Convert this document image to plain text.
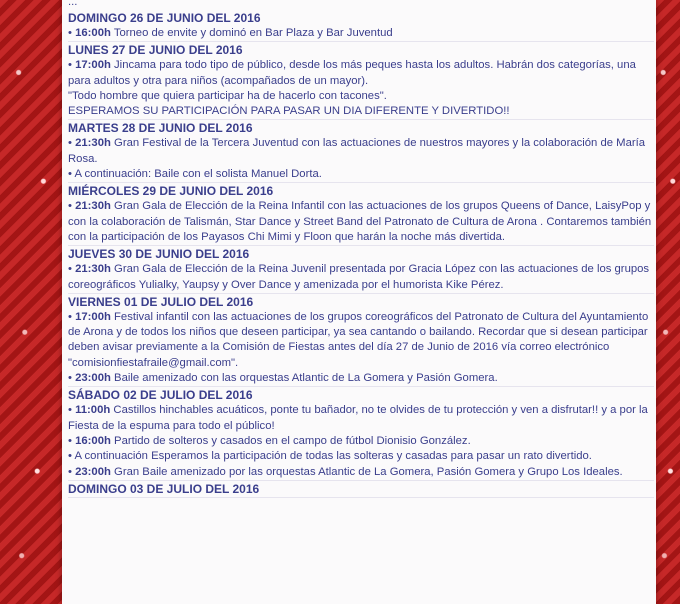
...
DOMINGO 26 DE JUNIO DEL 2016
• 16:00h Torneo de envite y dominó en Bar Plaza y Bar Juventud
LUNES 27 DE JUNIO DEL 2016
• 17:00h Jincama para todo tipo de público, desde los más peques hasta los adultos. Habrán dos categorías, una para adultos y otra para niños (acompañados de un mayor).
"Todo hombre que quiera participar ha de hacerlo con tacones".
ESPERAMOS SU PARTICIPACIÓN PARA PASAR UN DIA DIFERENTE Y DIVERTIDO!!
MARTES 28 DE JUNIO DEL 2016
• 21:30h Gran Festival de la Tercera Juventud con las actuaciones de nuestros mayores y la colaboración de María Rosa.
• A continuación: Baile con el solista Manuel Dorta.
MIÉRCOLES 29 DE JUNIO DEL 2016
• 21:30h Gran Gala de Elección de la Reina Infantil con las actuaciones de los grupos Queens of Dance, LaisyPop y con la colaboración de Talismán, Star Dance y Street Band del Patronato de Cultura de Arona . Contaremos también con la participación de los Payasos Chi Mimi y Floon que harán la noche más divertida.
JUEVES 30 DE JUNIO DEL 2016
• 21:30h Gran Gala de Elección de la Reina Juvenil presentada por Gracia López con las actuaciones de los grupos coreográficos Yulialky, Yaupsy y Over Dance y amenizada por el humorista Kike Pérez.
VIERNES 01 DE JULIO DEL 2016
• 17:00h Festival infantil con las actuaciones de los grupos coreográficos del Patronato de Cultura del Ayuntamiento de Arona y de todos los niños que deseen participar, ya sea cantando o bailando. Recordar que si desean participar deben avisar previamente a la Comisión de Fiestas antes del día 27 de Junio de 2016 vía correo electrónico "comisionfiestafraile@gmail.com".
• 23:00h Baile amenizado con las orquestas Atlantic de La Gomera y Pasión Gomera.
SÁBADO 02 DE JULIO DEL 2016
• 11:00h Castillos hinchables acuáticos, ponte tu bañador, no te olvides de tu protección y ven a disfrutar!! y a por la Fiesta de la espuma para todo el público!
• 16:00h Partido de solteros y casados en el campo de fútbol Dionisio González.
• A continuación Esperamos la participación de todas las solteras y casadas para pasar un rato divertido.
• 23:00h Gran Baile amenizado por las orquestas Atlantic de La Gomera, Pasión Gomera y Grupo Los Ideales.
DOMINGO 03 DE JULIO DEL 2016
